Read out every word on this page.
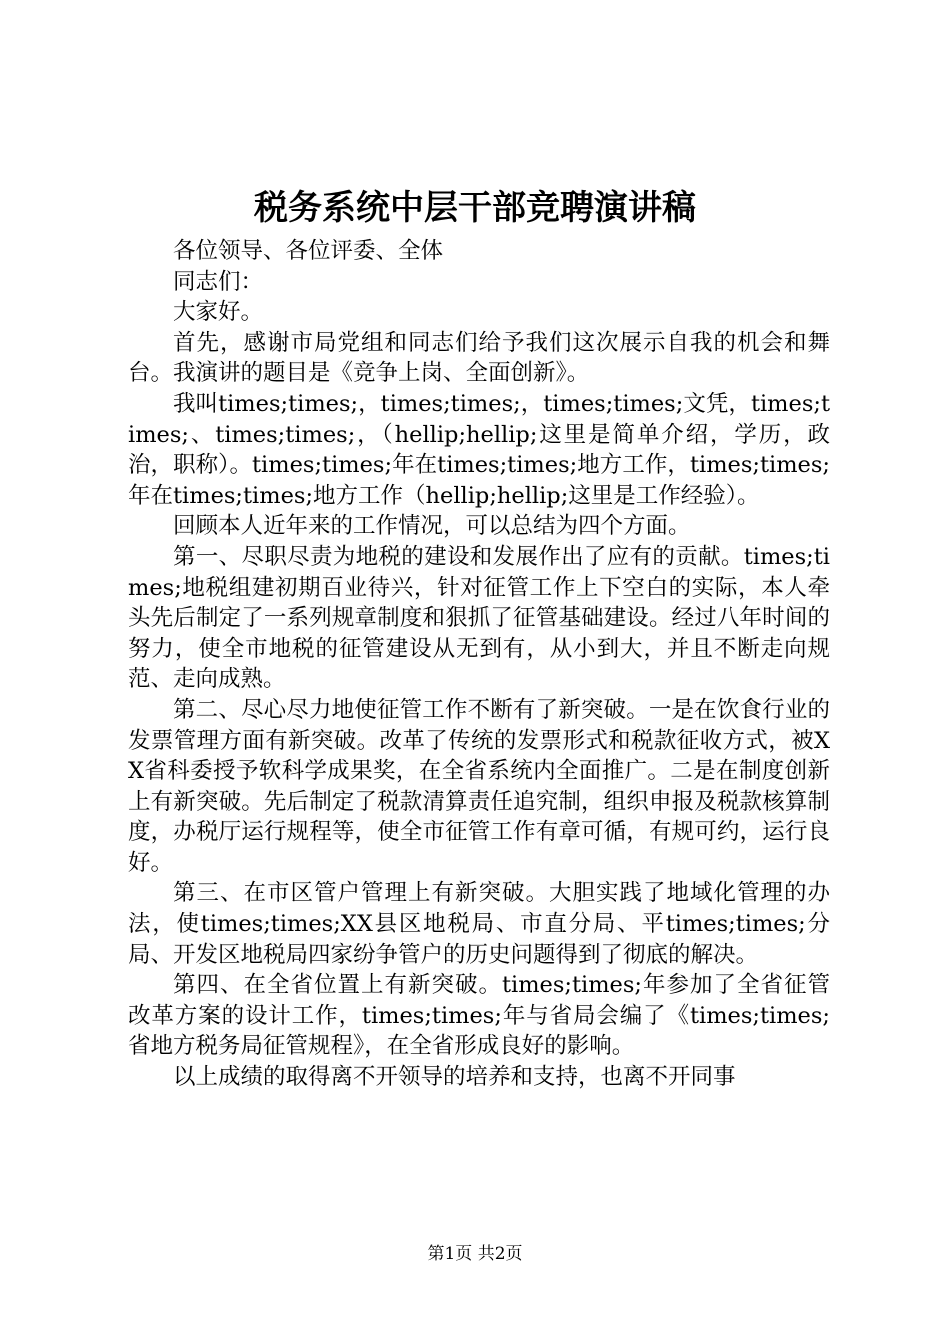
税务系统中层干部竞聘演讲稿

各位领导、各位评委、全体

同志们：

大家好。

首先，感谢市局党组和同志们给予我们这次展示自我的机会和舞台。我演讲的题目是《竞争上岗、全面创新》。

我叫times;times;，times;times;，times;times;文凭，times;times;、times;times;，（hellip;hellip;这里是简单介绍，学历，政治，职称）。times;times;年在times;times;地方工作，times;times;年在times;times;地方工作（hellip;hellip;这里是工作经验）。

回顾本人近年来的工作情况，可以总结为四个方面。

第一、尽职尽责为地税的建设和发展作出了应有的贡献。times;times;地税组建初期百业待兴，针对征管工作上下空白的实际，本人牵头先后制定了一系列规章制度和狠抓了征管基础建设。经过八年时间的努力，使全市地税的征管建设从无到有，从小到大，并且不断走向规范、走向成熟。

第二、尽心尽力地使征管工作不断有了新突破。一是在饮食行业的发票管理方面有新突破。改革了传统的发票形式和税款征收方式，被XX省科委授予软科学成果奖，在全省系统内全面推广。二是在制度创新上有新突破。先后制定了税款清算责任追究制，组织申报及税款核算制度，办税厅运行规程等，使全市征管工作有章可循，有规可约，运行良好。

第三、在市区管户管理上有新突破。大胆实践了地域化管理的办法，使times;times;XX县区地税局、市直分局、平times;times;分局、开发区地税局四家纷争管户的历史问题得到了彻底的解决。

第四、在全省位置上有新突破。times;times;年参加了全省征管改革方案的设计工作，times;times;年与省局会编了《times;times;省地方税务局征管规程》，在全省形成良好的影响。

以上成绩的取得离不开领导的培养和支持，也离不开同事

第1页 共2页
